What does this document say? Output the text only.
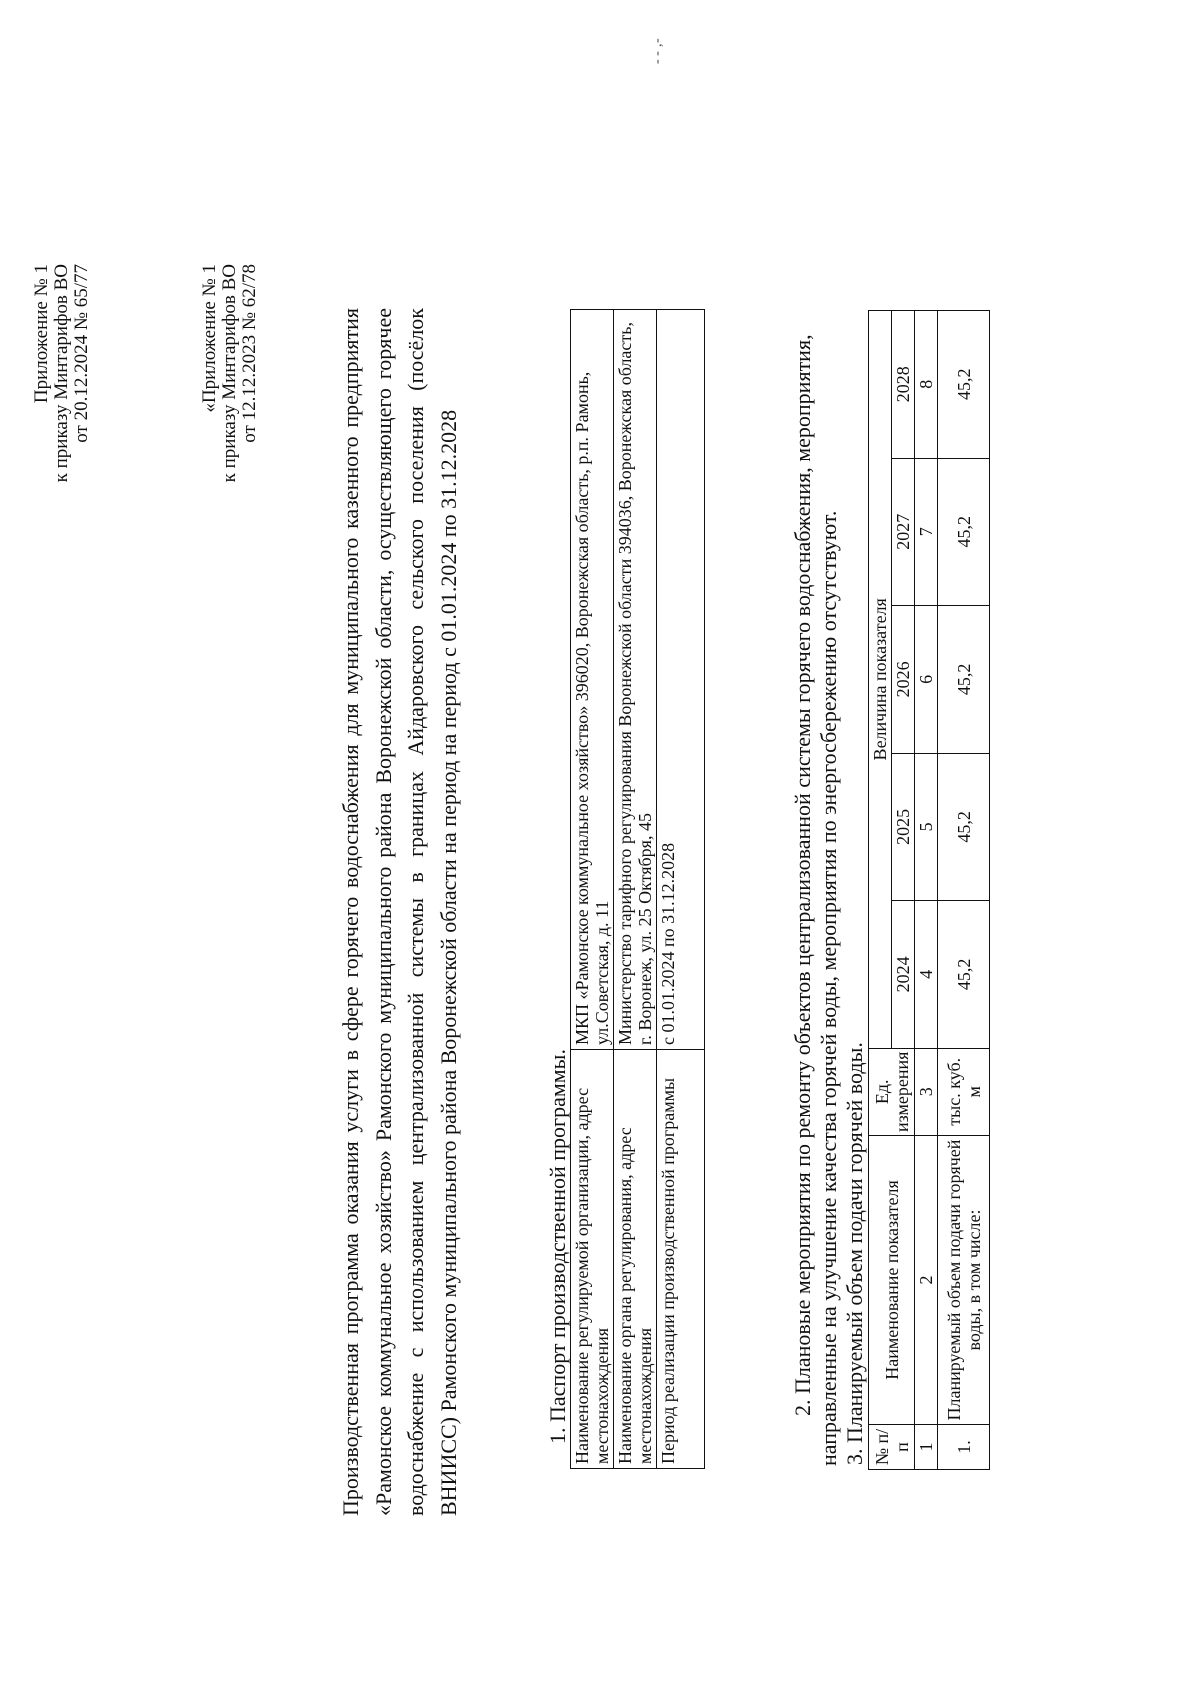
Приложение № 1 к приказу Минтарифов ВО от 20.12.2024 № 65/77	«Приложение № 1 к приказу Минтарифов ВО от 12.12.2023 № 62/78
- ‐ ‚-

Производственная программа оказания услуги в сфере горячего водоснабжения для муниципального казенного предприятия «Рамонское коммунальное хозяйство» Рамонского муниципального района Воронежской области, осуществляющего горячее водоснабжение с использованием централизованной системы в границах Айдаровского сельского поселения (посёлок ВНИИСС) Рамонского муниципального района Воронежской области на период на период с 01.01.2024 по 31.12.2028	1. Паспорт производственной программы. Наименование регулируемой организации, адрес местонахождения	МКП «Рамонское коммунальное хозяйство» 396020, Воронежская область, р.п. Рамонь, ул.Советская, д. 11
Наименование органа регулирования, адрес местонахождения	Министерство тарифного регулирования Воронежской области 394036, Воронежская область, г. Воронеж, ул. 25 Октября, 45
Период реализации производственной программы	с 01.01.2024 по 31.12.2028	2. Плановые мероприятия по ремонту объектов централизованной системы горячего водоснабжения, мероприятия, направленные на улучшение качества горячей воды, мероприятия по энергосбережению отсутствуют. 3. Планируемый объем подачи горячей воды. № п/п	Наименование показателя	Ед. измерения	Величина показателя				
			2024	2025	2026	2027	2028
1	2	3	4	5	6	7	8
1.	Планируемый объем подачи горячей воды, в том числе:	тыс. куб. м	45,2	45,2	45,2	45,2	45,2
